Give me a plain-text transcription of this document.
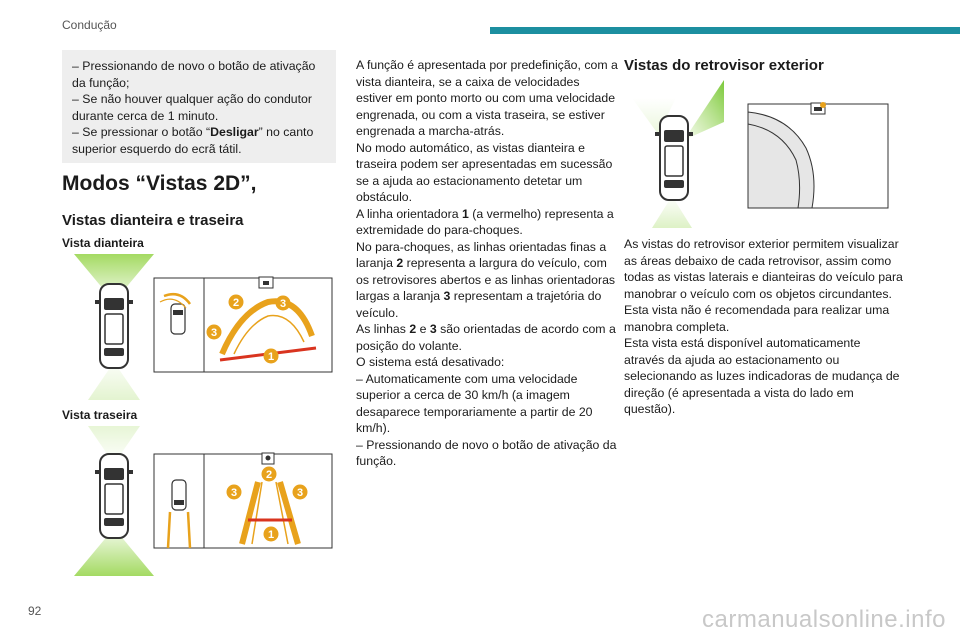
Condução

– Pressionando de novo o botão de ativação da função;
– Se não houver qualquer ação do condutor durante cerca de 1 minuto.
– Se pressionar o botão “Desligar” no canto superior esquerdo do ecrã tátil.

Modos “Vistas 2D”,
Vistas dianteira e traseira
Vista dianteira
Vista traseira
2	3
3
1
2
3	3
1

A função é apresentada por predefinição, com a vista dianteira, se a caixa de velocidades estiver em ponto morto ou com uma velocidade engrenada, ou com a vista traseira, se estiver engrenada a marcha-atrás.

No modo automático, as vistas dianteira e traseira podem ser apresentadas em sucessão se a ajuda ao estacionamento detetar um obstáculo.

A linha orientadora 1 (a vermelho) representa a extremidade do para-choques.

No para-choques, as linhas orientadas finas a laranja 2 representa a largura do veículo, com os retrovisores abertos e as linhas orientadoras largas a laranja 3 representam a trajetória do veículo.

As linhas 2 e 3 são orientadas de acordo com a posição do volante.

O sistema está desativado:

– Automaticamente com uma velocidade superior a cerca de 30 km/h (a imagem desaparece temporariamente a partir de 20 km/h).

– Pressionando de novo o botão de ativação da função.

Vistas do retrovisor exterior

As vistas do retrovisor exterior permitem visualizar as áreas debaixo de cada retrovisor, assim como todas as vistas laterais e dianteiras do veículo para manobrar o veículo com os objetos circundantes.

Esta vista não é recomendada para realizar uma manobra completa.

Esta vista está disponível automaticamente através da ajuda ao estacionamento ou selecionando as luzes indicadoras de mudança de direção (é apresentada a vista do lado em questão).

92	carmanualsonline.info
